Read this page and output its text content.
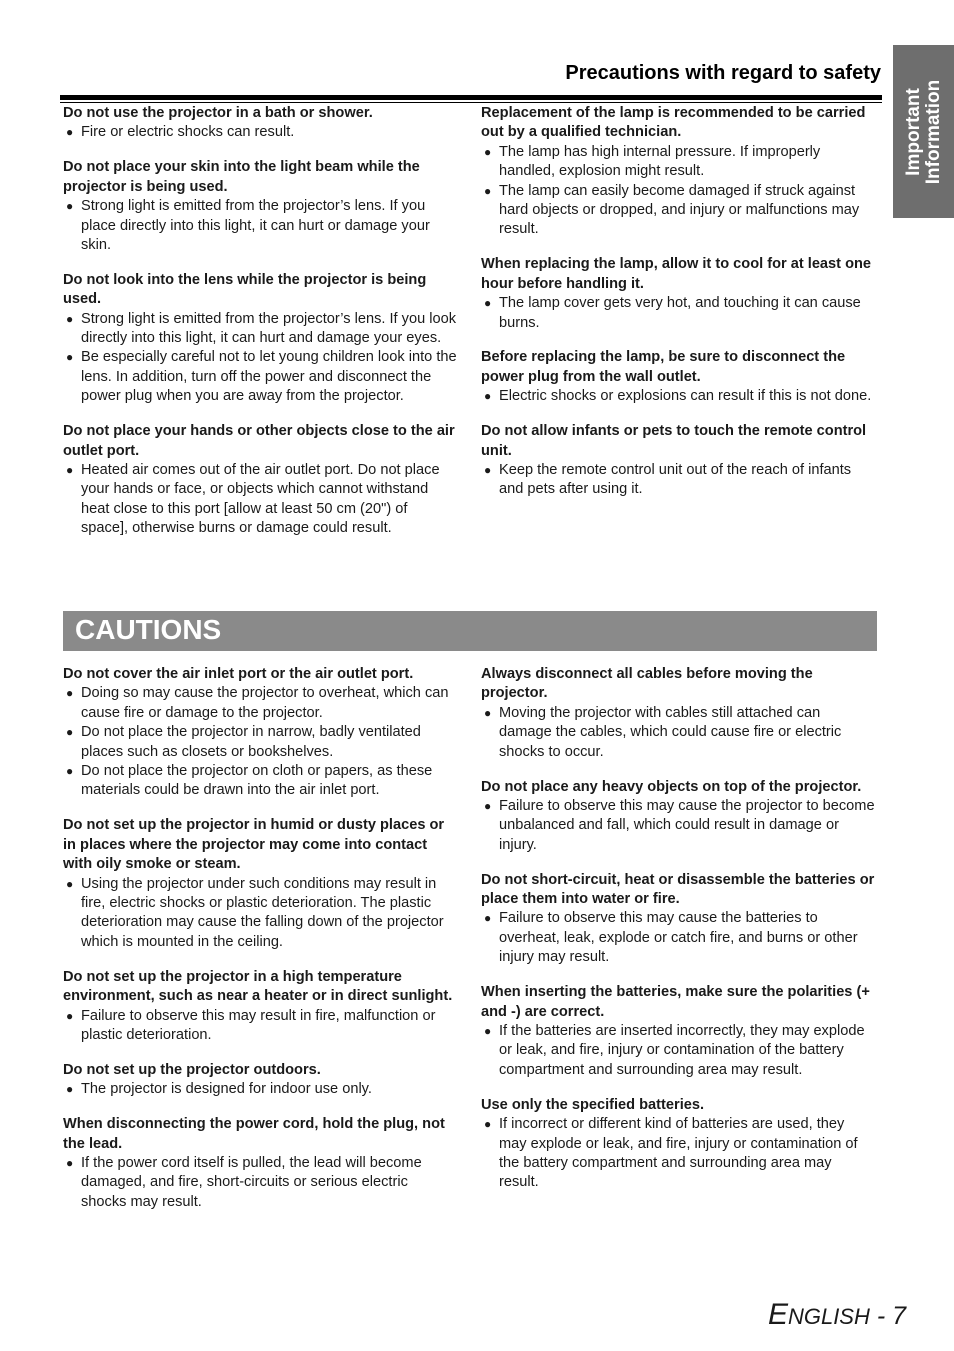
Important Information
Precautions with regard to safety

Do not use the projector in a bath or shower.

● Fire or electric shocks can result.

Do not place your skin into the light beam while the projector is being used.

● Strong light is emitted from the projector’s lens. If you place directly into this light, it can hurt or damage your skin.

Do not look into the lens while the projector is being used.

● Strong light is emitted from the projector’s lens. If you look directly into this light, it can hurt and damage your eyes.

● Be especially careful not to let young children look into the lens. In addition, turn off the power and disconnect the power plug when you are away from the projector.

Do not place your hands or other objects close to the air outlet port.

● Heated air comes out of the air outlet port. Do not place your hands or face, or objects which cannot withstand heat close to this port [allow at least 50 cm (20") of space], otherwise burns or damage could result.

Replacement of the lamp is recommended to be carried out by a qualified technician.

● The lamp has high internal pressure. If improperly handled, explosion might result.

● The lamp can easily become damaged if struck against hard objects or dropped, and injury or malfunctions may result.

When replacing the lamp, allow it to cool for at least one hour before handling it.

● The lamp cover gets very hot, and touching it can cause burns.

Before replacing the lamp, be sure to disconnect the power plug from the wall outlet.

● Electric shocks or explosions can result if this is not done.

Do not allow infants or pets to touch the remote control unit.

● Keep the remote control unit out of the reach of infants and pets after using it.

CAUTIONS

Do not cover the air inlet port or the air outlet port.

● Doing so may cause the projector to overheat, which can cause fire or damage to the projector.

● Do not place the projector in narrow, badly ventilated places such as closets or bookshelves.

● Do not place the projector on cloth or papers, as these materials could be drawn into the air inlet port.

Do not set up the projector in humid or dusty places or in places where the projector may come into contact with oily smoke or steam.

● Using the projector under such conditions may result in fire, electric shocks or plastic deterioration. The plastic deterioration may cause the falling down of the projector which is mounted in the ceiling.

Do not set up the projector in a high temperature environment, such as near a heater or in direct sunlight.

● Failure to observe this may result in fire, malfunction or plastic deterioration.

Do not set up the projector outdoors.

● The projector is designed for indoor use only.

When disconnecting the power cord, hold the plug, not the lead.

● If the power cord itself is pulled, the lead will become damaged, and fire, short-circuits or serious electric shocks may result.

Always disconnect all cables before moving the projector.

● Moving the projector with cables still attached can damage the cables, which could cause fire or electric shocks to occur.

Do not place any heavy objects on top of the projector.

● Failure to observe this may cause the projector to become unbalanced and fall, which could result in damage or injury.

Do not short-circuit, heat or disassemble the batteries or place them into water or fire.

● Failure to observe this may cause the batteries to overheat, leak, explode or catch fire, and burns or other injury may result.

When inserting the batteries, make sure the polarities (+ and -) are correct.

● If the batteries are inserted incorrectly, they may explode or leak, and fire, injury or contamination of the battery compartment and surrounding area may result.

Use only the specified batteries.

● If incorrect or different kind of batteries are used, they may explode or leak, and fire, injury or contamination of the battery compartment and surrounding area may result.

ENGLISH - 7
